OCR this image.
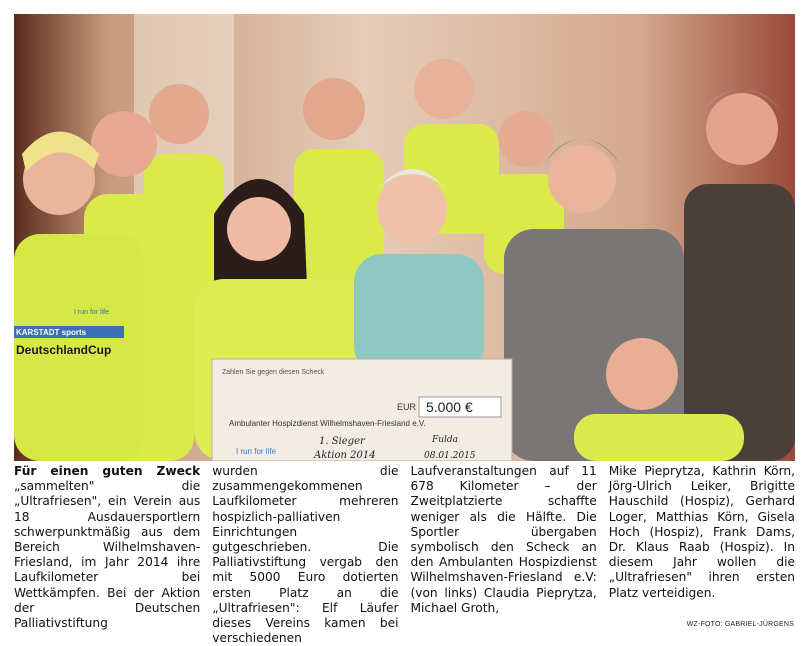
Zahlen Sie gegen diesen Scheck
Ambulanter Hospizdienst Wilhelmshaven-Friesland e.V.
EUR 5.000 €
1. Sieger
Aktion 2014
Fulda
08.01.2015
I run for life
KARSTADT sports
DeutschlandCup
I run for life
WZ-FOTO: GABRIEL-JÜRGENS
Für einen guten Zweck „sammelten" die „Ultrafriesen", ein Verein aus 18 Ausdauersportlern schwerpunktmäßig aus dem Bereich Wilhelmshaven-Friesland, im Jahr 2014 ihre Laufkilometer bei Wettkämpfen. Bei der Aktion der Deutschen Palliativstiftung
wurden die zusammengekommenen Laufkilometer mehreren hospizlich-palliativen Einrichtungen gutgeschrieben. Die Palliativstiftung vergab den mit 5000 Euro dotierten ersten Platz an die „Ultrafriesen": Elf Läufer dieses Vereins kamen bei verschiedenen
Laufveranstaltungen auf 11 678 Kilometer – der Zweitplatzierte schaffte weniger als die Hälfte. Die Sportler übergaben symbolisch den Scheck an den Ambulanten Hospizdienst Wilhelmshaven-Friesland e.V: (von links) Claudia Pieprytza, Michael Groth,
Mike Pieprytza, Kathrin Körn, Jörg-Ulrich Leiker, Brigitte Hauschild (Hospiz), Gerhard Loger, Matthias Körn, Gisela Hoch (Hospiz), Frank Dams, Dr. Klaus Raab (Hospiz). In diesem Jahr wollen die „Ultrafriesen" ihren ersten Platz verteidigen.
